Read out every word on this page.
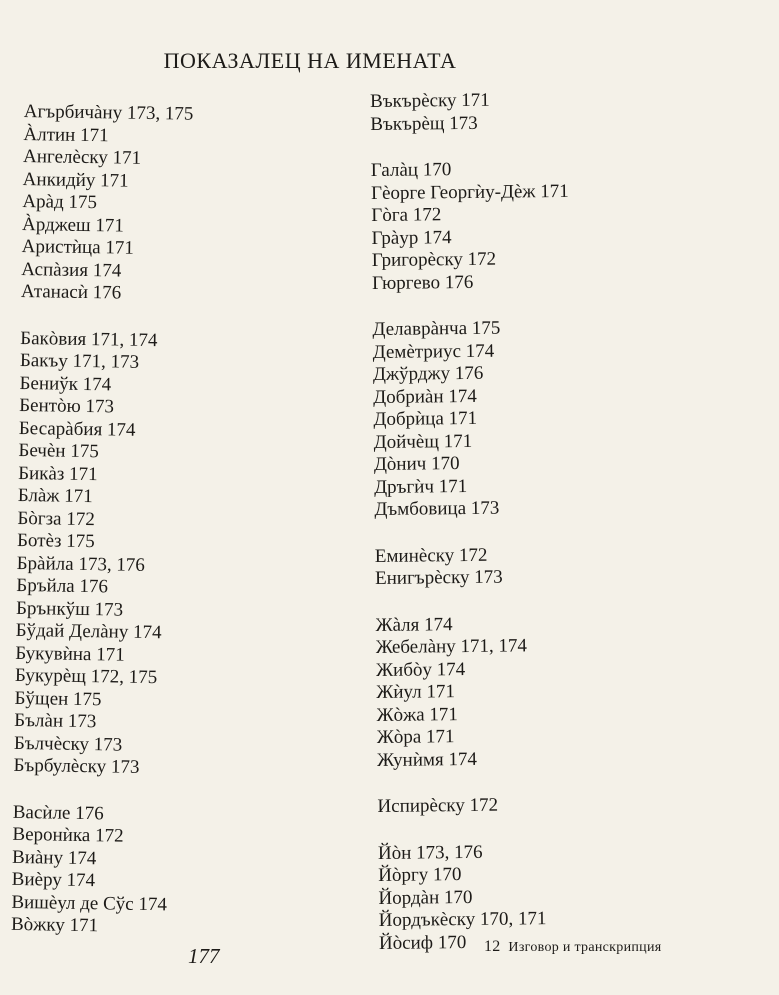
ПОКАЗАЛЕЦ НА ИМЕНАТА
Агърбичàну 173, 175
Àлтин 171
Ангелèску 171
Анкидйу 171
Арàд 175
Àрджеш 171
Аристѝца 171
Аспàзия 174
Атанасѝ 176
Бакòвия 171, 174
Бакъу 171, 173
Бениўк 174
Бентòю 173
Бесарàбия 174
Бечèн 175
Бикàз 171
Блàж 171
Бòгза 172
Ботèз 175
Брàйла 173, 176
Бръйла 176
Брънкўш 173
Бўдай Делàну 174
Букувѝна 171
Букурèщ 172, 175
Бўщен 175
Бълàн 173
Бълчèску 173
Бърбулèску 173
Васѝле 176
Веронѝка 172
Виàну 174
Виèру 174
Вишèул де Сўс 174
Вòжку 171
Въкърèску 171
Въкърèщ 173
Галàц 170
Гèорге Георгѝу-Дèж 171
Гòга 172
Грàур 174
Григорèску 172
Гюргево 176
Делаврàнча 175
Демèтриус 174
Джўрджу 176
Добриàн 174
Добрѝца 171
Дойчèщ 171
Дòнич 170
Дръгѝч 171
Дъмбовица 173
Еминèску 172
Енигърèску 173
Жàля 174
Жебелàну 171, 174
Жибòу 174
Жѝул 171
Жòжа 171
Жòра 171
Жунѝмя 174
Испирèску 172
Йòн 173, 176
Йòргу 170
Йордàн 170
Йордъкèску 170, 171
Йòсиф 170
177	12 Изговор и транскрипция
